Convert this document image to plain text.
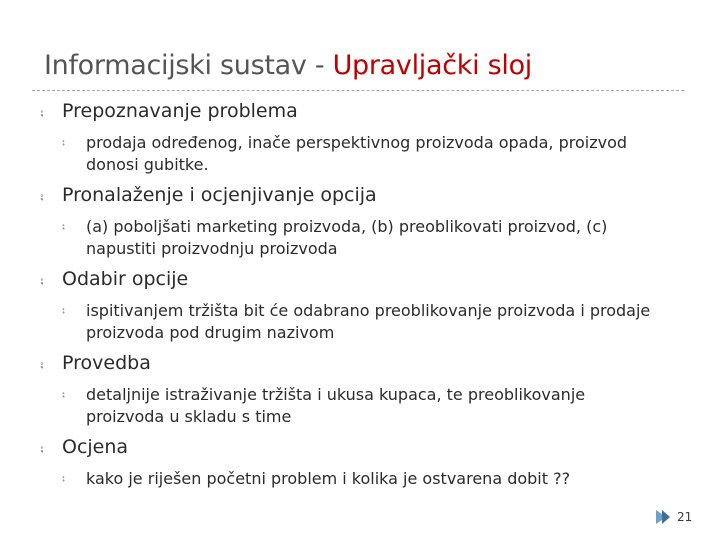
Informacijski sustav - Upravljački sloj
⨟
Prepoznavanje problema
⨟
prodaja određenog, inače perspektivnog proizvoda opada, proizvod donosi gubitke.
⨟
Pronalaženje i ocjenjivanje opcija
⨟
(a) poboljšati marketing proizvoda, (b) preoblikovati proizvod, (c) napustiti proizvodnju proizvoda
⨟
Odabir opcije
⨟
ispitivanjem tržišta bit će odabrano preoblikovanje proizvoda i prodaje proizvoda pod drugim nazivom
⨟
Provedba
⨟
detaljnije istraživanje tržišta i ukusa kupaca, te preoblikovanje proizvoda u skladu s time
⨟
Ocjena
⨟
kako je riješen početni problem i kolika je ostvarena dobit ??
21
